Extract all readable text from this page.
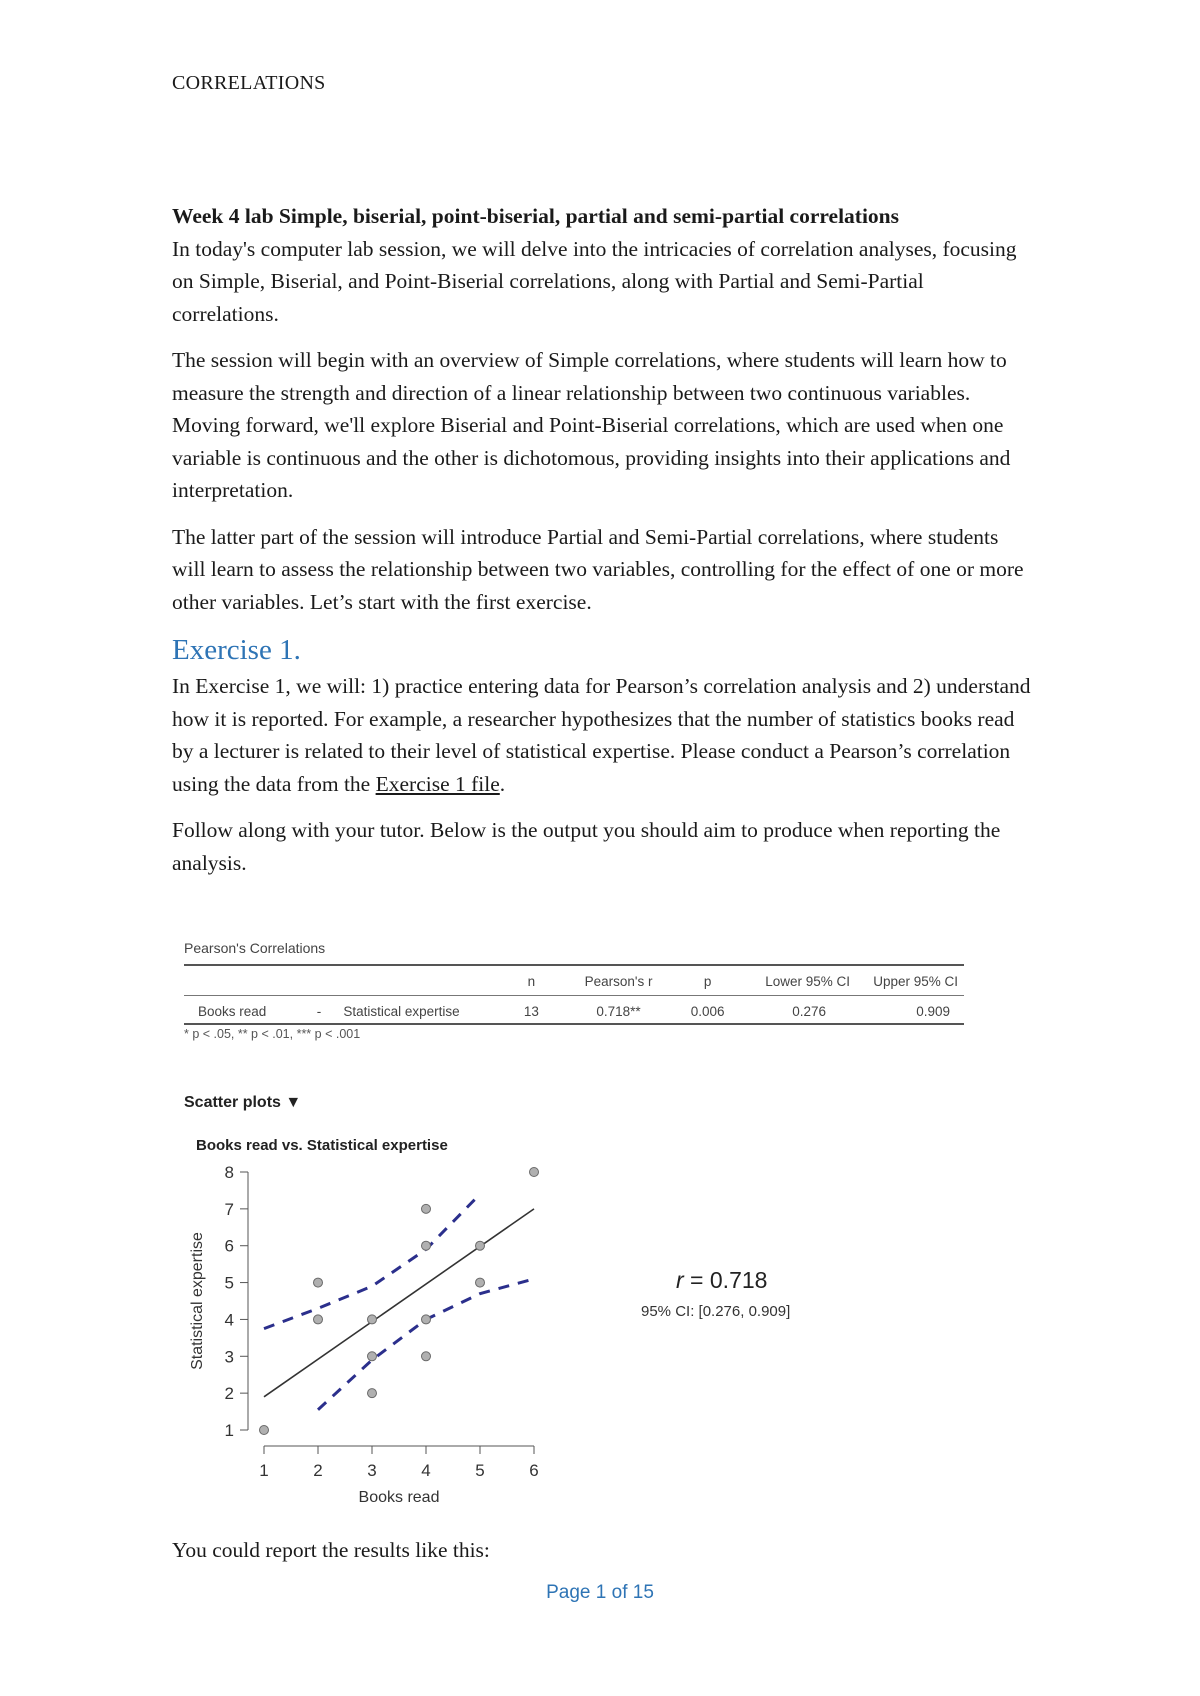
CORRELATIONS

Week 4 lab Simple, biserial, point-biserial, partial and semi-partial correlations
In today's computer lab session, we will delve into the intricacies of correlation analyses, focusing on Simple, Biserial, and Point-Biserial correlations, along with Partial and Semi-Partial correlations.

The session will begin with an overview of Simple correlations, where students will learn how to measure the strength and direction of a linear relationship between two continuous variables. Moving forward, we'll explore Biserial and Point-Biserial correlations, which are used when one variable is continuous and the other is dichotomous, providing insights into their applications and interpretation.

The latter part of the session will introduce Partial and Semi-Partial correlations, where students will learn to assess the relationship between two variables, controlling for the effect of one or more other variables. Let’s start with the first exercise.

Exercise 1.

In Exercise 1, we will: 1) practice entering data for Pearson’s correlation analysis and 2) understand how it is reported. For example, a researcher hypothesizes that the number of statistics books read by a lecturer is related to their level of statistical expertise. Please conduct a Pearson’s correlation using the data from the Exercise 1 file.

Follow along with your tutor. Below is the output you should aim to produce when reporting the analysis.

Pearson's Correlations
			n	Pearson's r	p	Lower 95% CI	Upper 95% CI
Books read	-	Statistical expertise	13	0.718**	0.006	0.276	0.909
* p < .05, ** p < .01, *** p < .001
Scatter plots ▼
Books read vs. Statistical expertise
Books read
Statistical expertise
1	2	3	4	5	6
1
2
3
4
5
6
7
8
r = 0.718
95% CI: [0.276, 0.909]
You could report the results like this:
Page 1 of 15
